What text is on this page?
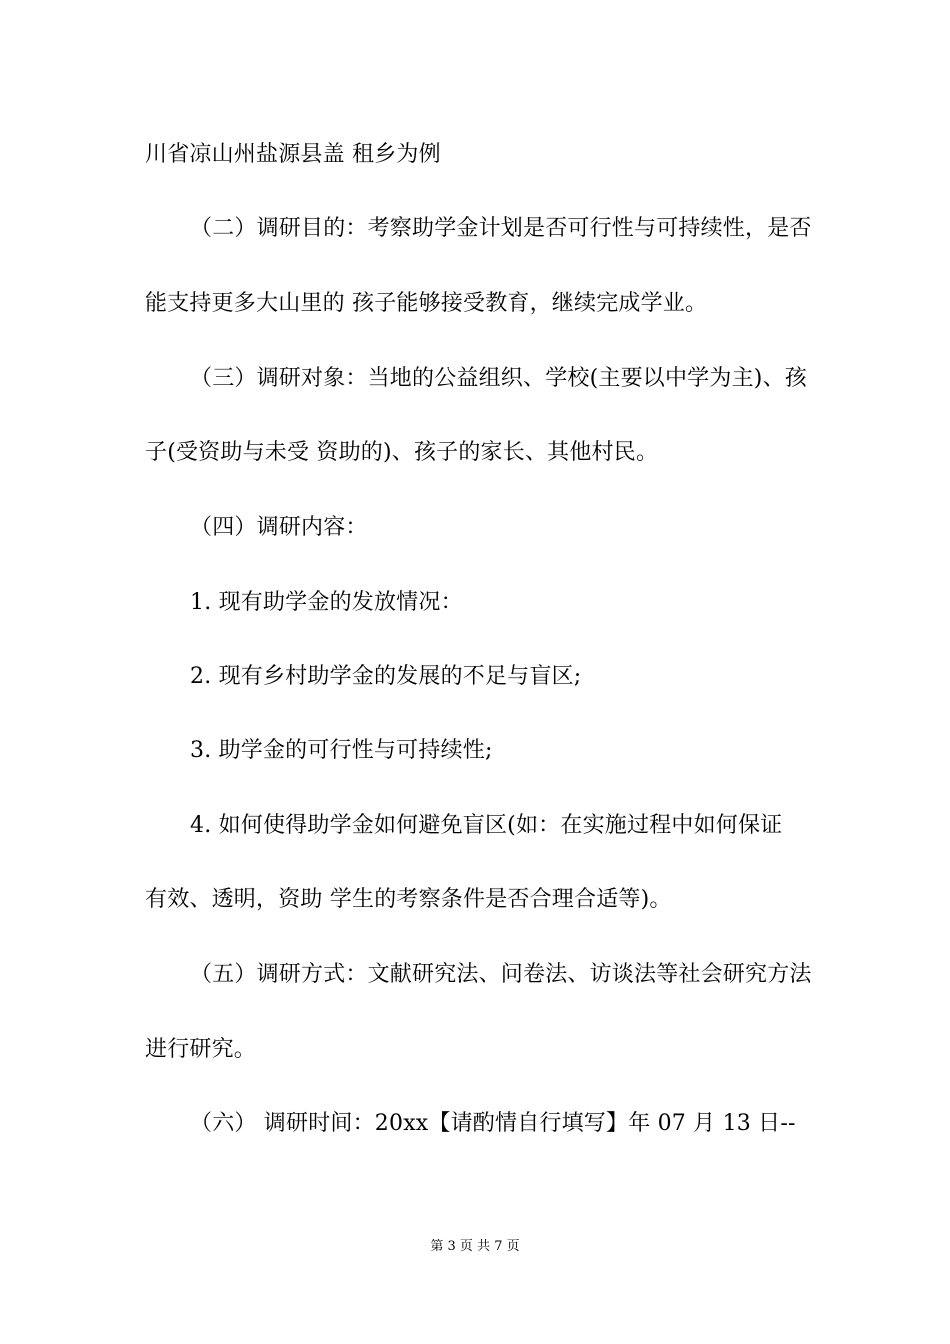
川省凉山州盐源县盖 租乡为例
（二）调研目的：考察助学金计划是否可行性与可持续性，是否
能支持更多大山里的 孩子能够接受教育，继续完成学业。
（三）调研对象：当地的公益组织、学校(主要以中学为主)、孩
子(受资助与未受 资助的)、孩子的家长、其他村民。
（四）调研内容：
1. 现有助学金的发放情况：
2. 现有乡村助学金的发展的不足与盲区;
3. 助学金的可行性与可持续性;
4. 如何使得助学金如何避免盲区(如：在实施过程中如何保证
有效、透明，资助 学生的考察条件是否合理合适等)。
（五）调研方式：文献研究法、问卷法、访谈法等社会研究方法
进行研究。
（六） 调研时间：20xx【请酌情自行填写】年 07 月 13 日--
第 3 页 共 7 页
